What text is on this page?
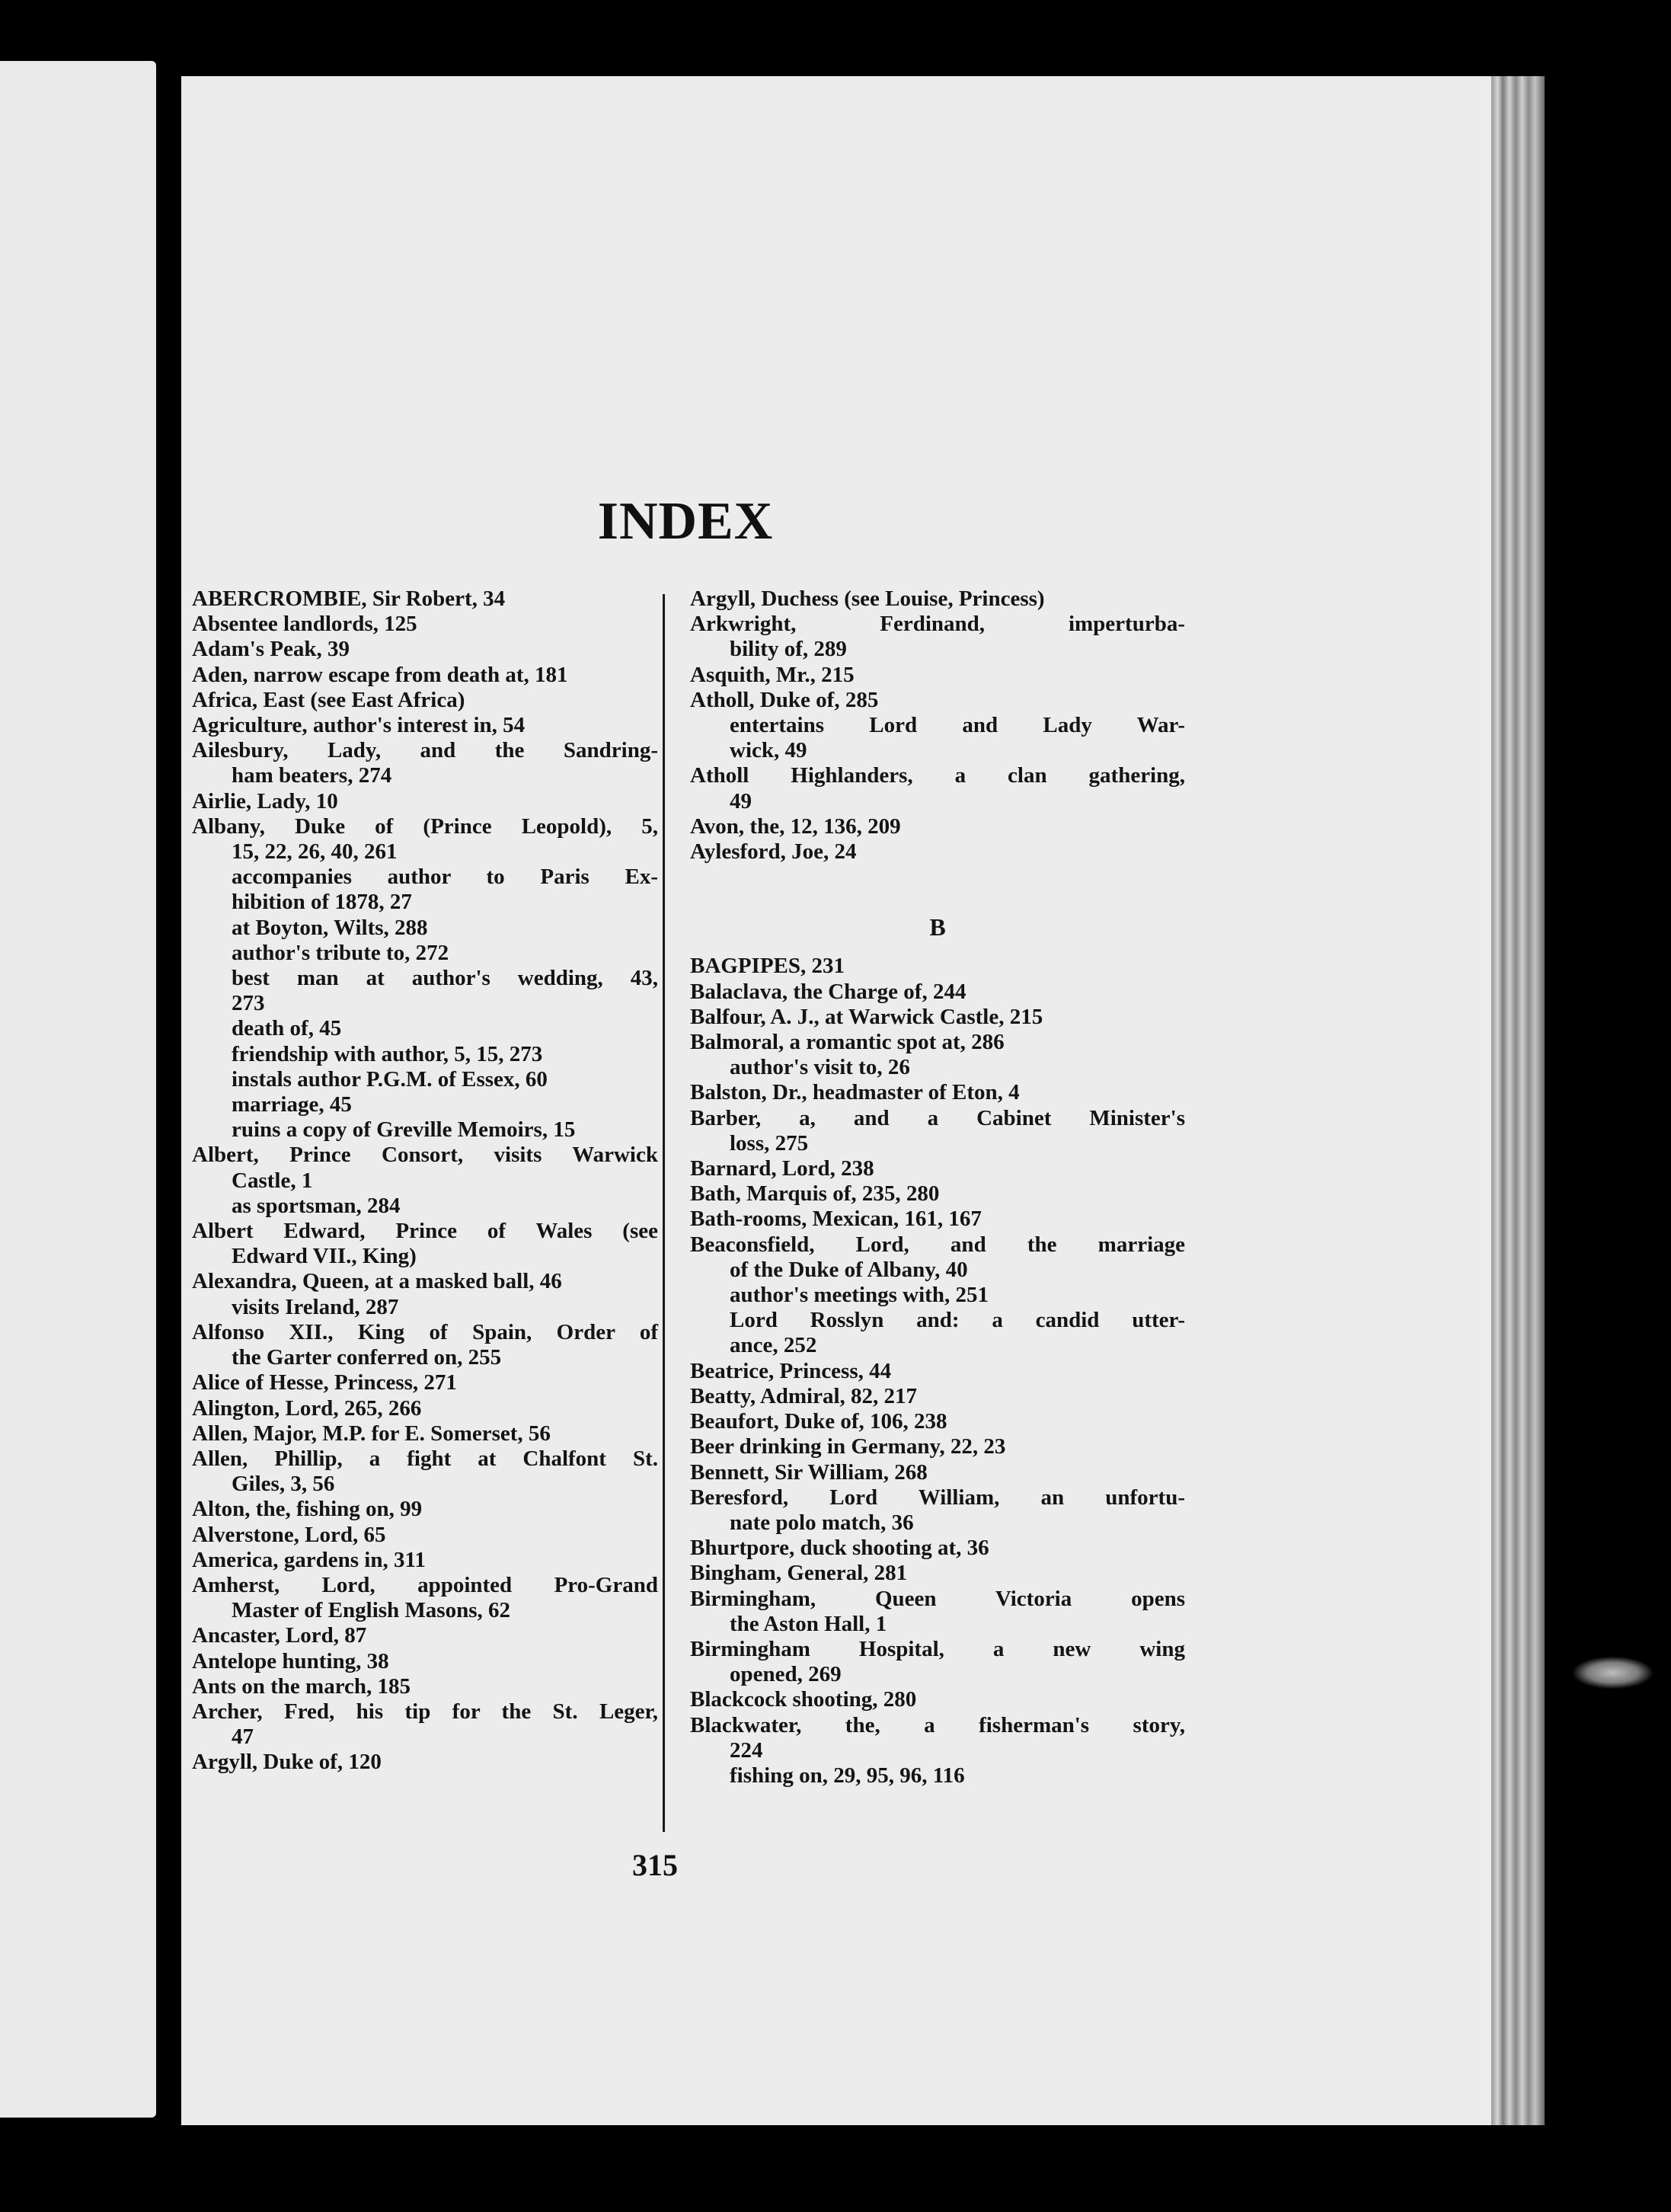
INDEX
ABERCROMBIE, Sir Robert, 34
Absentee landlords, 125
Adam's Peak, 39
Aden, narrow escape from death at, 181
Africa, East (see East Africa)
Agriculture, author's interest in, 54
Ailesbury, Lady, and the Sandring-
ham beaters, 274
Airlie, Lady, 10
Albany, Duke of (Prince Leopold), 5,
15, 22, 26, 40, 261
accompanies author to Paris Ex-
hibition of 1878, 27
at Boyton, Wilts, 288
author's tribute to, 272
best man at author's wedding, 43,
273
death of, 45
friendship with author, 5, 15, 273
instals author P.G.M. of Essex, 60
marriage, 45
ruins a copy of Greville Memoirs, 15
Albert, Prince Consort, visits Warwick
Castle, 1
as sportsman, 284
Albert Edward, Prince of Wales (see
Edward VII., King)
Alexandra, Queen, at a masked ball, 46
visits Ireland, 287
Alfonso XII., King of Spain, Order of
the Garter conferred on, 255
Alice of Hesse, Princess, 271
Alington, Lord, 265, 266
Allen, Major, M.P. for E. Somerset, 56
Allen, Phillip, a fight at Chalfont St.
Giles, 3, 56
Alton, the, fishing on, 99
Alverstone, Lord, 65
America, gardens in, 311
Amherst, Lord, appointed Pro-Grand
Master of English Masons, 62
Ancaster, Lord, 87
Antelope hunting, 38
Ants on the march, 185
Archer, Fred, his tip for the St. Leger,
47
Argyll, Duke of, 120
Argyll, Duchess (see Louise, Princess)
Arkwright, Ferdinand, imperturba-
bility of, 289
Asquith, Mr., 215
Atholl, Duke of, 285
entertains Lord and Lady War-
wick, 49
Atholl Highlanders, a clan gathering,
49
Avon, the, 12, 136, 209
Aylesford, Joe, 24
B
BAGPIPES, 231
Balaclava, the Charge of, 244
Balfour, A. J., at Warwick Castle, 215
Balmoral, a romantic spot at, 286
author's visit to, 26
Balston, Dr., headmaster of Eton, 4
Barber, a, and a Cabinet Minister's
loss, 275
Barnard, Lord, 238
Bath, Marquis of, 235, 280
Bath-rooms, Mexican, 161, 167
Beaconsfield, Lord, and the marriage
of the Duke of Albany, 40
author's meetings with, 251
Lord Rosslyn and: a candid utter-
ance, 252
Beatrice, Princess, 44
Beatty, Admiral, 82, 217
Beaufort, Duke of, 106, 238
Beer drinking in Germany, 22, 23
Bennett, Sir William, 268
Beresford, Lord William, an unfortu-
nate polo match, 36
Bhurtpore, duck shooting at, 36
Bingham, General, 281
Birmingham, Queen Victoria opens
the Aston Hall, 1
Birmingham Hospital, a new wing
opened, 269
Blackcock shooting, 280
Blackwater, the, a fisherman's story,
224
fishing on, 29, 95, 96, 116
315
